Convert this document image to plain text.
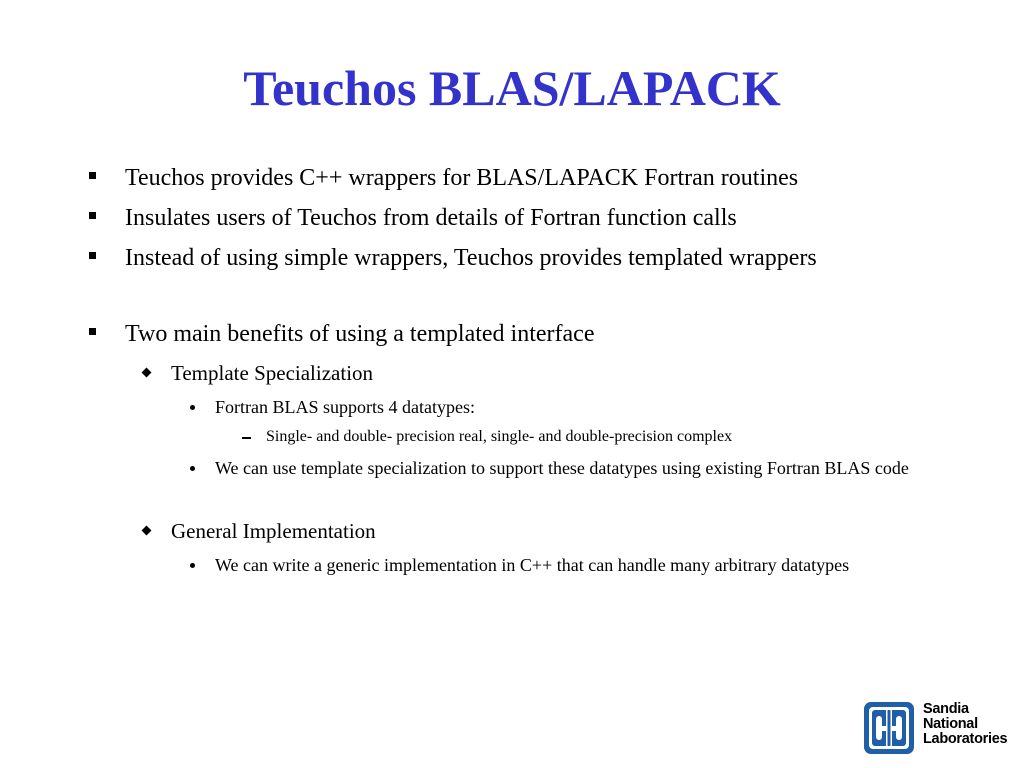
Teuchos BLAS/LAPACK
Teuchos provides C++ wrappers for BLAS/LAPACK Fortran routines
Insulates users of Teuchos from details of Fortran function calls
Instead of using simple wrappers, Teuchos provides templated wrappers
Two main benefits of using a templated interface
Template Specialization
Fortran BLAS supports 4 datatypes:
Single- and double- precision real, single- and double-precision complex
We can use template specialization to support these datatypes using existing Fortran BLAS code
General Implementation
We can write a generic implementation in C++ that can handle many arbitrary datatypes
Sandia
National
Laboratories
